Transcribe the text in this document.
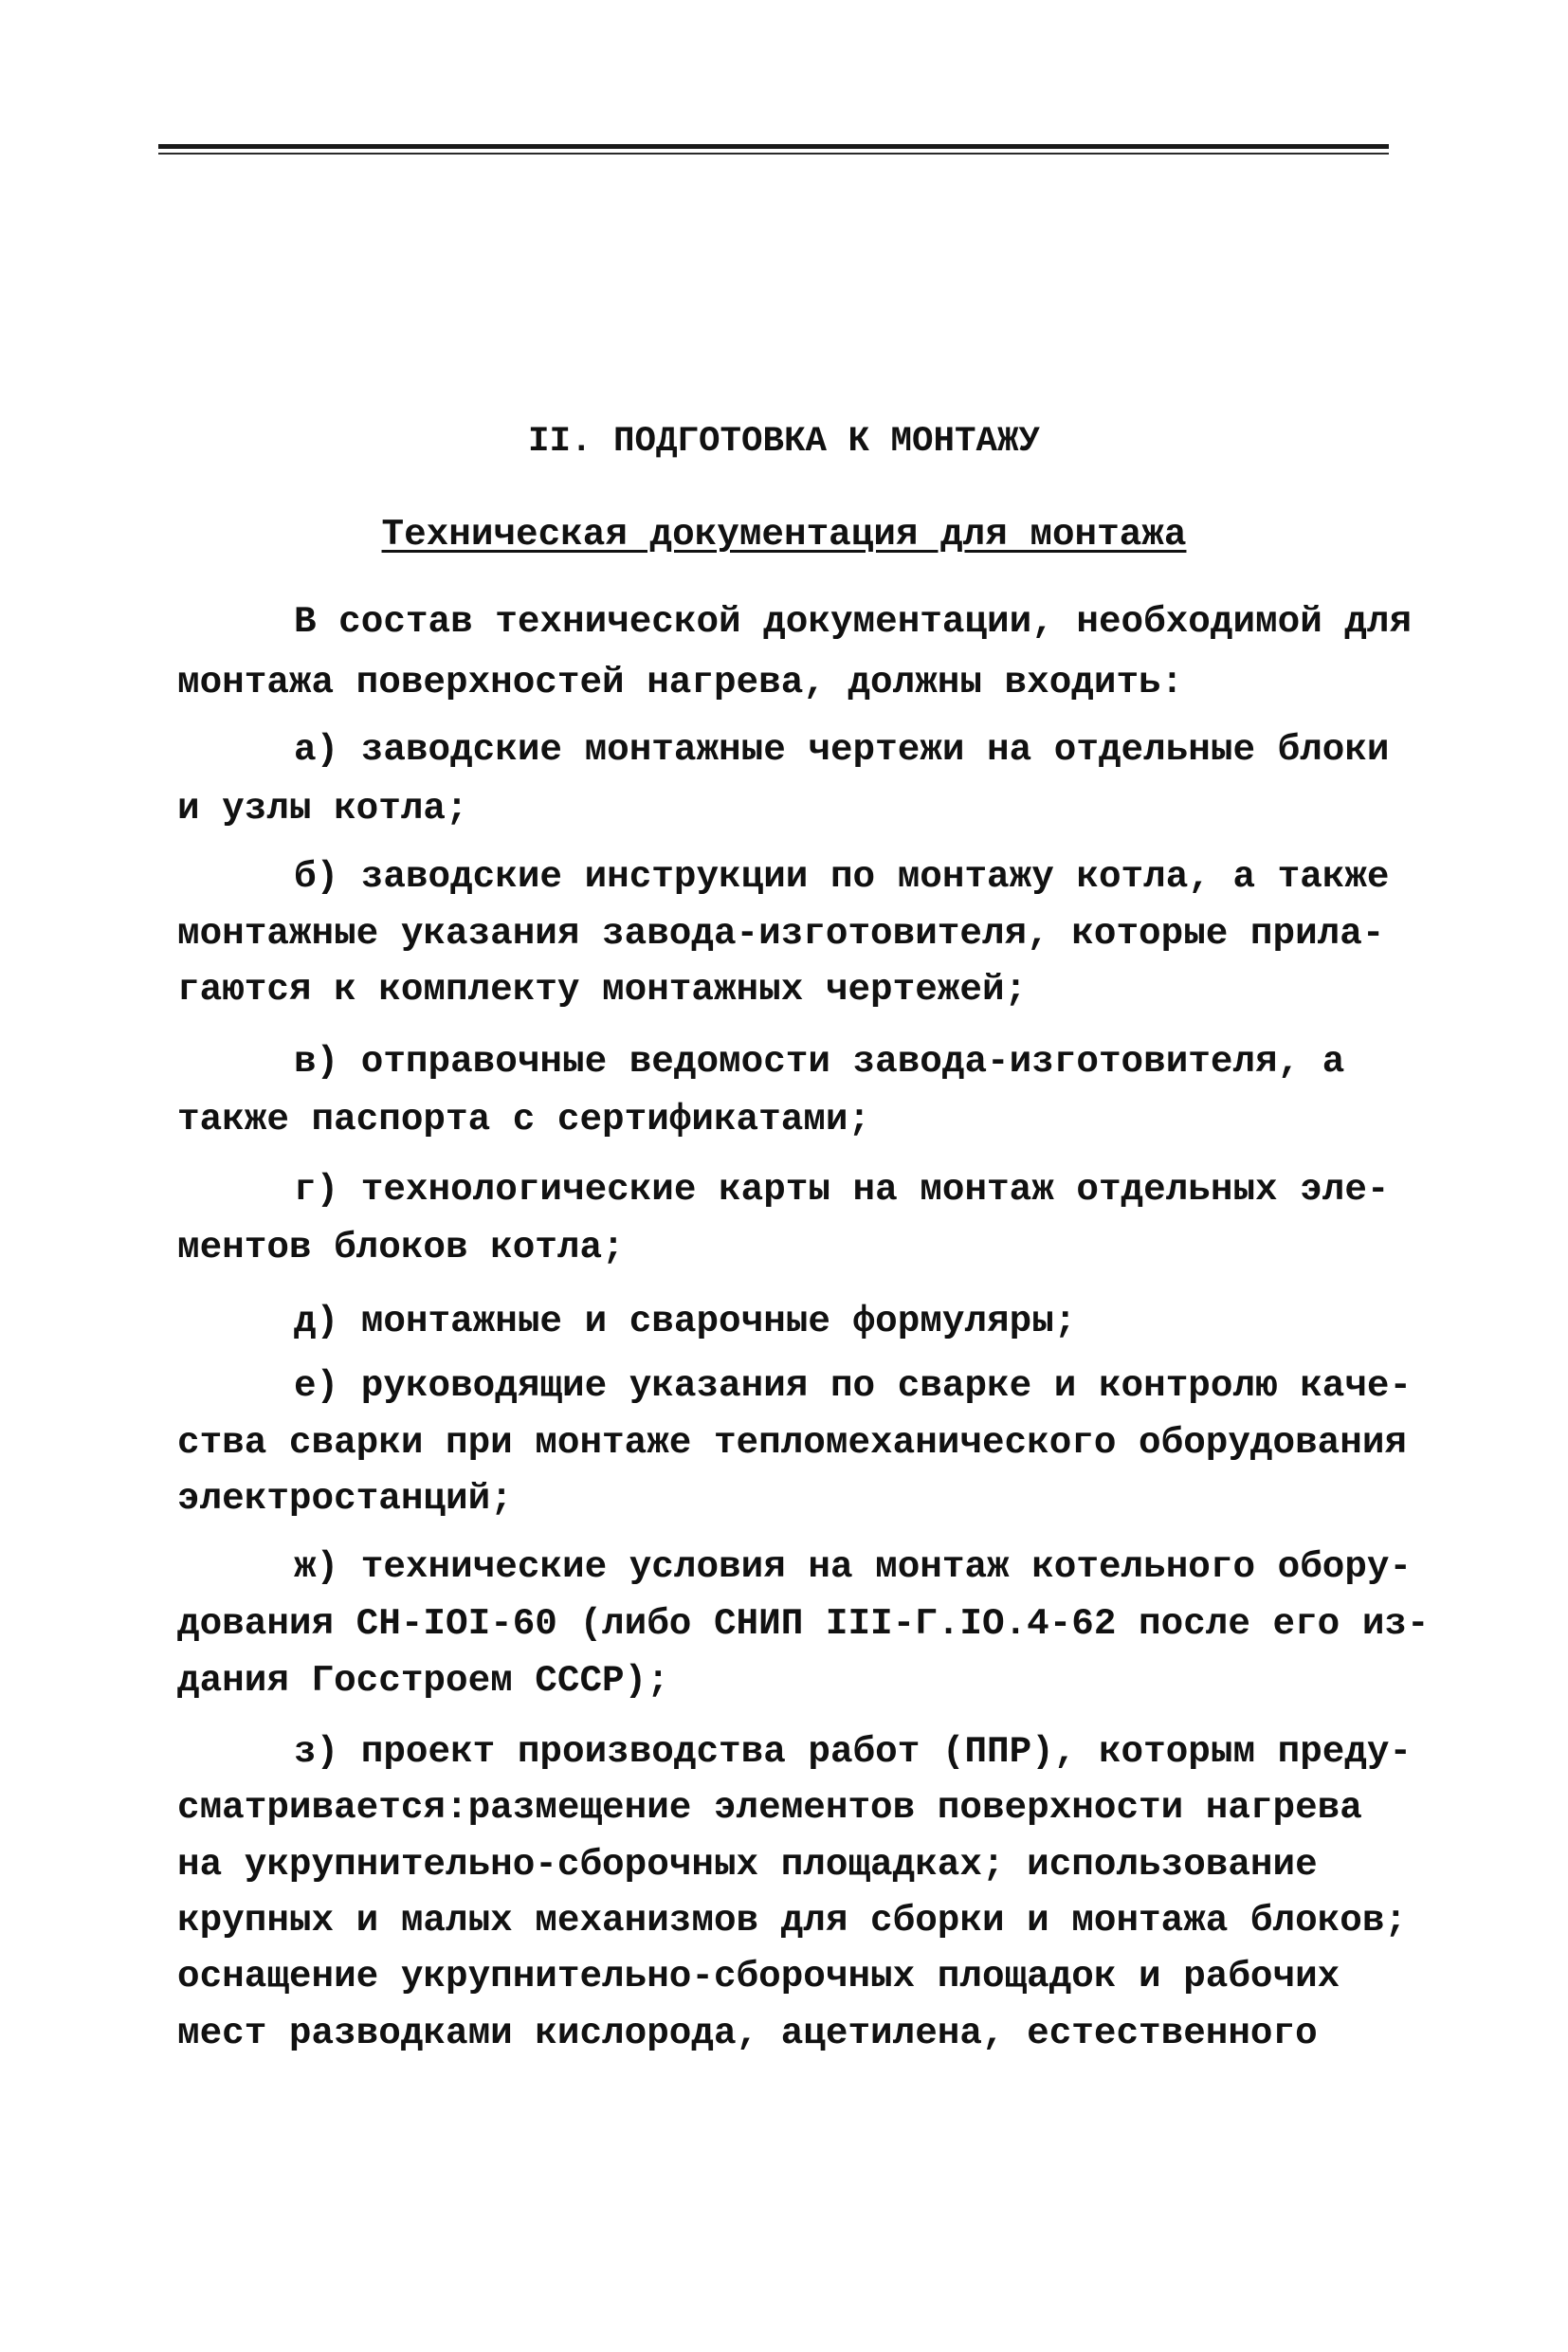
II. ПОДГОТОВКА К МОНТАЖУ
Техническая документация для монтажа
В состав технической документации, необходимой для
монтажа поверхностей нагрева, должны входить:
а) заводские монтажные чертежи на отдельные блоки
и узлы котла;
б) заводские инструкции по монтажу котла, а также
монтажные указания завода-изготовителя, которые прила-
гаются к комплекту монтажных чертежей;
в) отправочные ведомости завода-изготовителя, а
также паспорта с сертификатами;
г) технологические карты на монтаж отдельных эле-
ментов блоков котла;
д) монтажные и сварочные формуляры;
е) руководящие указания по сварке и контролю каче-
ства сварки при монтаже тепломеханического оборудования
электростанций;
ж) технические условия на монтаж котельного обору-
дования СН-IOI-60 (либо СНИП III-Г.IO.4-62 после его из-
дания Госстроем СССР);
з) проект производства работ (ППР), которым преду-
сматривается:размещение элементов поверхности нагрева
на укрупнительно-сборочных площадках; использование
крупных и малых механизмов для сборки и монтажа блоков;
оснащение укрупнительно-сборочных площадок и рабочих
мест разводками кислорода, ацетилена, естественного
